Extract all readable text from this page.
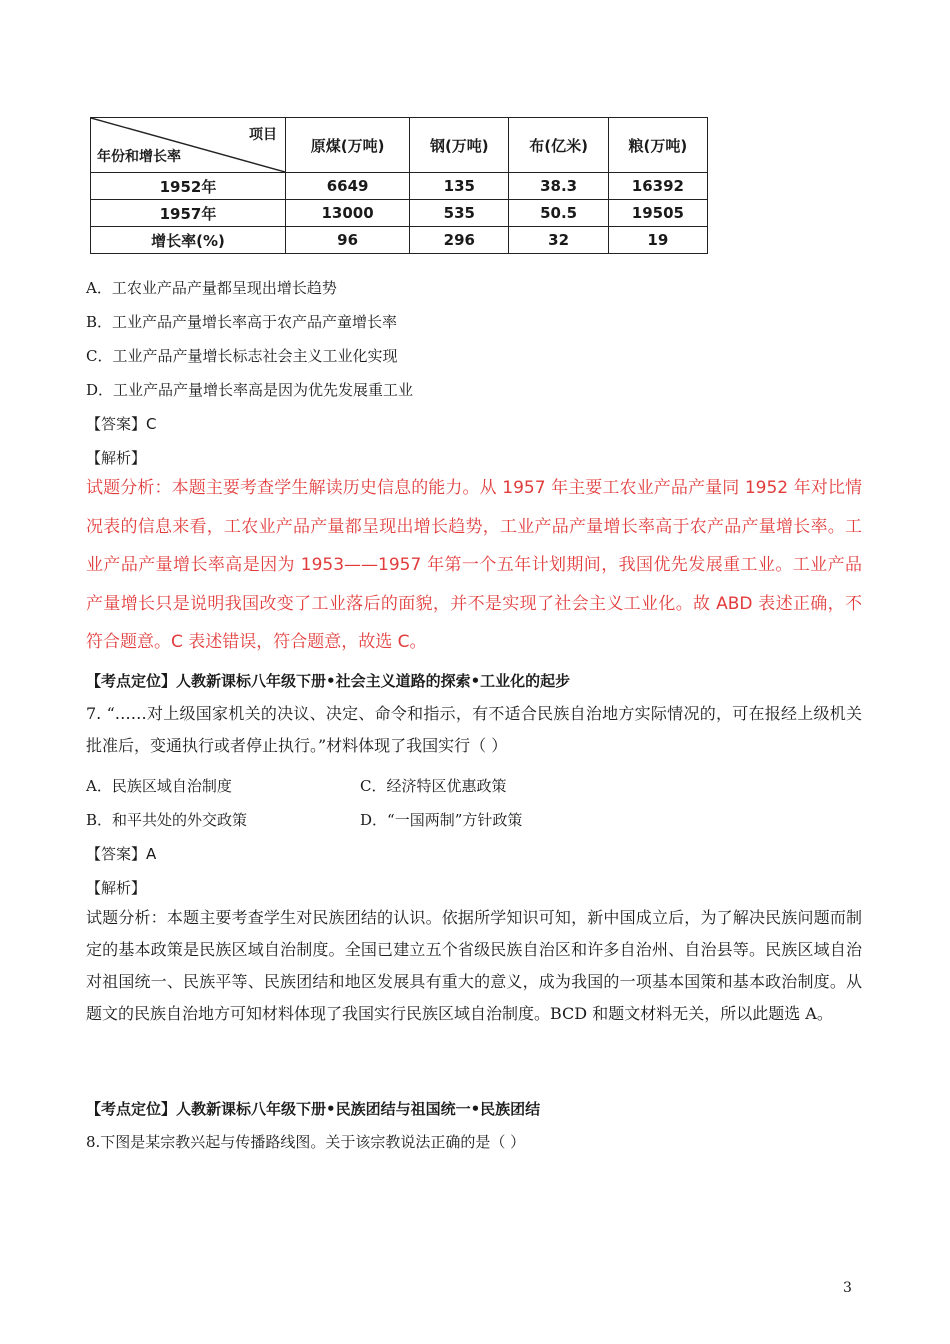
项目
年份和增长率	原煤(万吨)	钢(万吨)	布(亿米)	粮(万吨)
1952年	6649	135	38.3	16392
1957年	13000	535	50.5	19505
增长率(%)	96	296	32	19
A．工农业产品产量都呈现出增长趋势
B．工业产品产量增长率高于农产品产童增长率
C．工业产品产量增长标志社会主义工业化实现
D．工业产品产量增长率高是因为优先发展重工业
【答案】C
【解析】
试题分析：本题主要考查学生解读历史信息的能力。从 1957 年主要工农业产品产量同 1952 年对比情况表的信息来看，工农业产品产量都呈现出增长趋势，工业产品产量增长率高于农产品产量增长率。工业产品产量增长率高是因为 1953——1957 年第一个五年计划期间，我国优先发展重工业。工业产品产量增长只是说明我国改变了工业落后的面貌，并不是实现了社会主义工业化。故 ABD 表述正确，不符合题意。C 表述错误，符合题意，故选 C。
【考点定位】人教新课标八年级下册•社会主义道路的探索•工业化的起步
7. “……对上级国家机关的决议、决定、命令和指示，有不适合民族自治地方实际情况的，可在报经上级机关批准后，变通执行或者停止执行。”材料体现了我国实行（ ）
A．民族区域自治制度	C．经济特区优惠政策
B．和平共处的外交政策	D．“一国两制”方针政策
【答案】A
【解析】
试题分析：本题主要考查学生对民族团结的认识。依据所学知识可知，新中国成立后，为了解决民族问题而制定的基本政策是民族区域自治制度。全国已建立五个省级民族自治区和许多自治州、自治县等。民族区域自治对祖国统一、民族平等、民族团结和地区发展具有重大的意义，成为我国的一项基本国策和基本政治制度。从题文的民族自治地方可知材料体现了我国实行民族区域自治制度。BCD 和题文材料无关，所以此题选 A。
【考点定位】人教新课标八年级下册•民族团结与祖国统一•民族团结
8.下图是某宗教兴起与传播路线图。关于该宗教说法正确的是（ ）
3
